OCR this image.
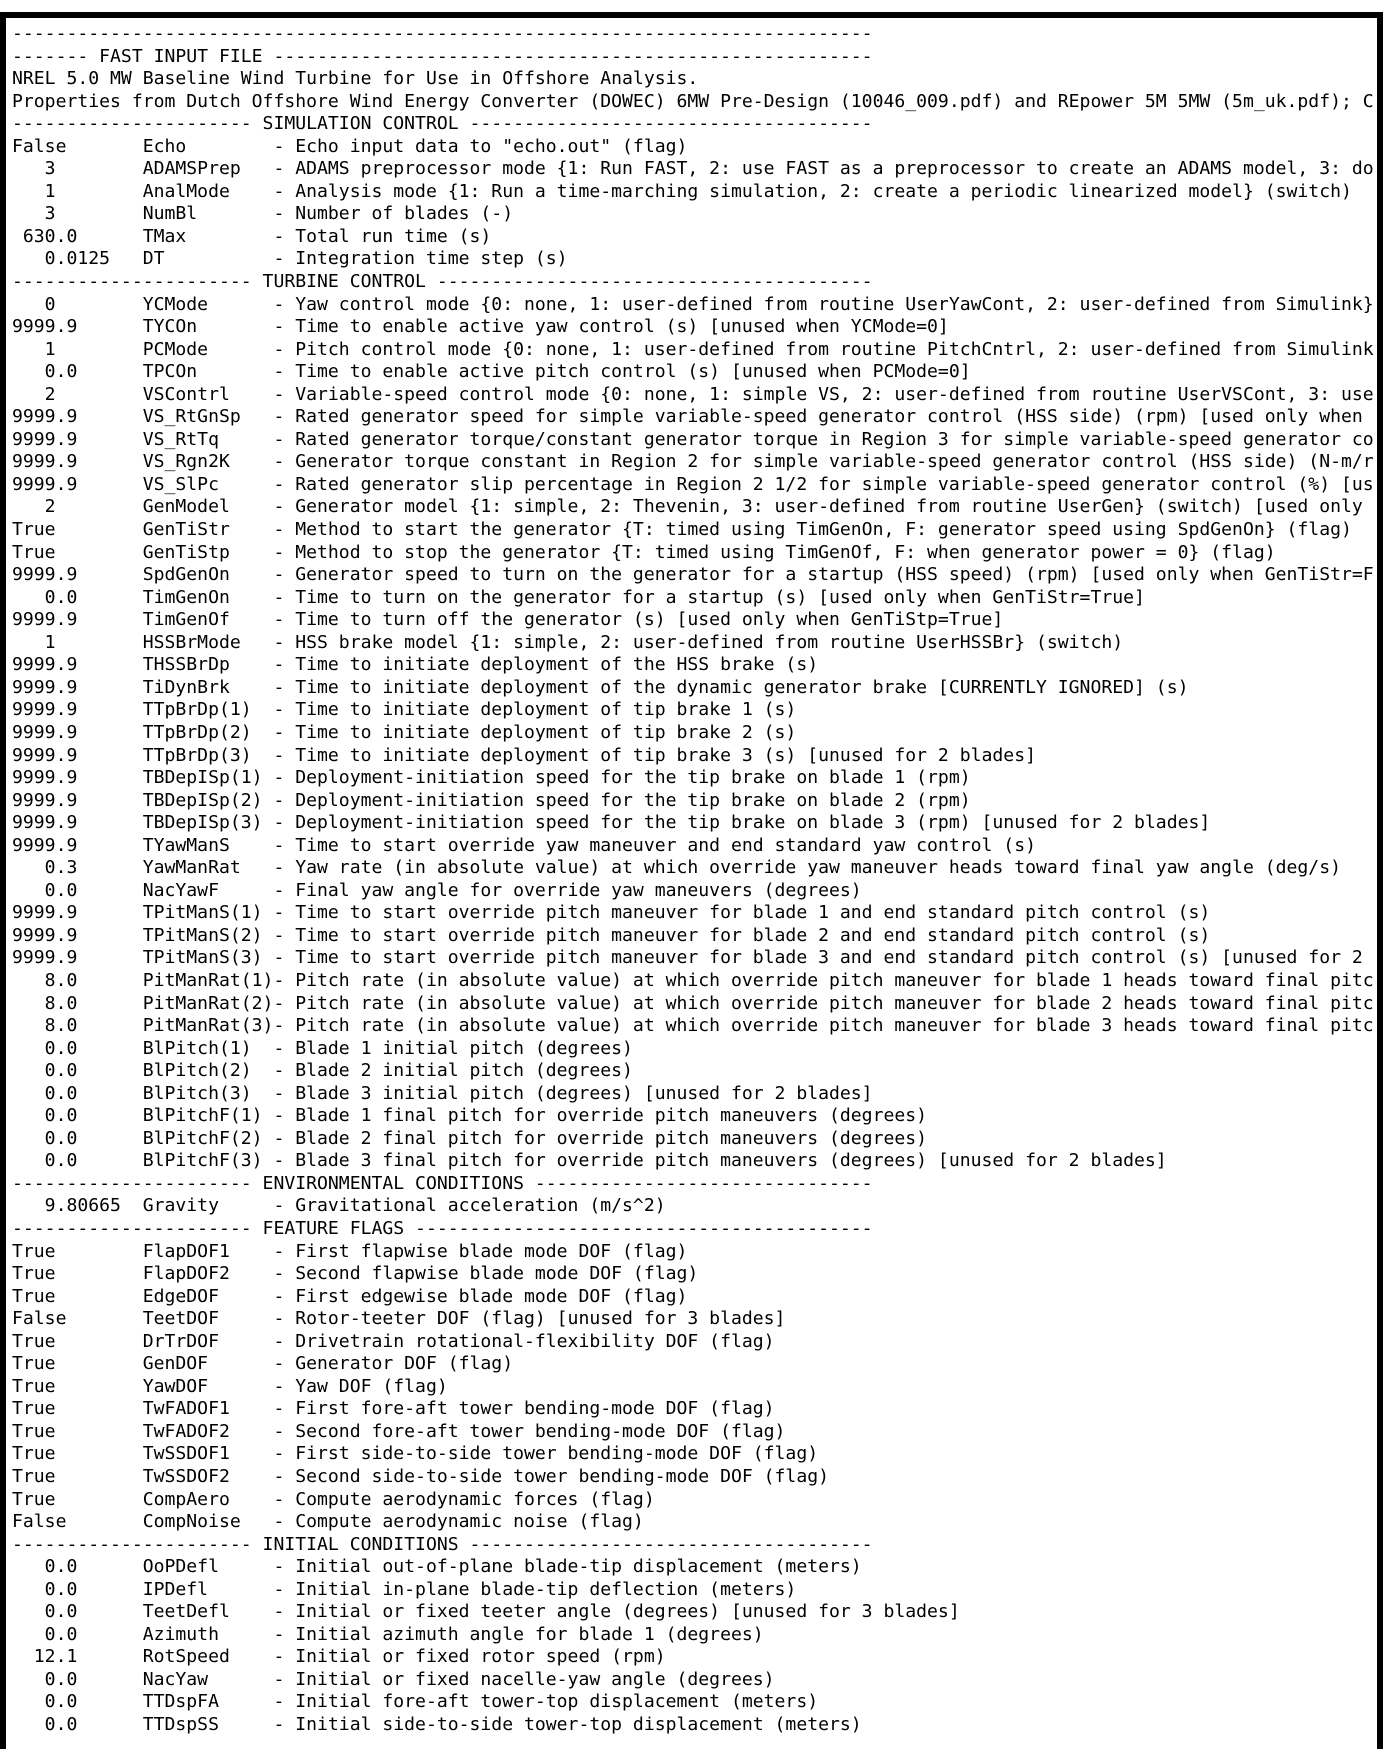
-------------------------------------------------------------------------------
------- FAST INPUT FILE -------------------------------------------------------
NREL 5.0 MW Baseline Wind Turbine for Use in Offshore Analysis.
Properties from Dutch Offshore Wind Energy Converter (DOWEC) 6MW Pre-Design (10046_009.pdf) and REpower 5M 5MW (5m_uk.pdf); C
---------------------- SIMULATION CONTROL -------------------------------------
False       Echo        - Echo input data to "echo.out" (flag)
3        ADAMSPrep   - ADAMS preprocessor mode {1: Run FAST, 2: use FAST as a preprocessor to create an ADAMS model, 3: do
1        AnalMode    - Analysis mode {1: Run a time-marching simulation, 2: create a periodic linearized model} (switch)
3        NumBl       - Number of blades (-)
630.0      TMax        - Total run time (s)
0.0125   DT          - Integration time step (s)
---------------------- TURBINE CONTROL ----------------------------------------
0        YCMode      - Yaw control mode {0: none, 1: user-defined from routine UserYawCont, 2: user-defined from Simulink}
9999.9      TYCOn       - Time to enable active yaw control (s) [unused when YCMode=0]
1        PCMode      - Pitch control mode {0: none, 1: user-defined from routine PitchCntrl, 2: user-defined from Simulink
0.0      TPCOn       - Time to enable active pitch control (s) [unused when PCMode=0]
2        VSContrl    - Variable-speed control mode {0: none, 1: simple VS, 2: user-defined from routine UserVSCont, 3: use
9999.9      VS_RtGnSp   - Rated generator speed for simple variable-speed generator control (HSS side) (rpm) [used only when
9999.9      VS_RtTq     - Rated generator torque/constant generator torque in Region 3 for simple variable-speed generator co
9999.9      VS_Rgn2K    - Generator torque constant in Region 2 for simple variable-speed generator control (HSS side) (N-m/r
9999.9      VS_SlPc     - Rated generator slip percentage in Region 2 1/2 for simple variable-speed generator control (%) [us
2        GenModel    - Generator model {1: simple, 2: Thevenin, 3: user-defined from routine UserGen} (switch) [used only
True        GenTiStr    - Method to start the generator {T: timed using TimGenOn, F: generator speed using SpdGenOn} (flag)
True        GenTiStp    - Method to stop the generator {T: timed using TimGenOf, F: when generator power = 0} (flag)
9999.9      SpdGenOn    - Generator speed to turn on the generator for a startup (HSS speed) (rpm) [used only when GenTiStr=F
0.0      TimGenOn    - Time to turn on the generator for a startup (s) [used only when GenTiStr=True]
9999.9      TimGenOf    - Time to turn off the generator (s) [used only when GenTiStp=True]
1        HSSBrMode   - HSS brake model {1: simple, 2: user-defined from routine UserHSSBr} (switch)
9999.9      THSSBrDp    - Time to initiate deployment of the HSS brake (s)
9999.9      TiDynBrk    - Time to initiate deployment of the dynamic generator brake [CURRENTLY IGNORED] (s)
9999.9      TTpBrDp(1)  - Time to initiate deployment of tip brake 1 (s)
9999.9      TTpBrDp(2)  - Time to initiate deployment of tip brake 2 (s)
9999.9      TTpBrDp(3)  - Time to initiate deployment of tip brake 3 (s) [unused for 2 blades]
9999.9      TBDepISp(1) - Deployment-initiation speed for the tip brake on blade 1 (rpm)
9999.9      TBDepISp(2) - Deployment-initiation speed for the tip brake on blade 2 (rpm)
9999.9      TBDepISp(3) - Deployment-initiation speed for the tip brake on blade 3 (rpm) [unused for 2 blades]
9999.9      TYawManS    - Time to start override yaw maneuver and end standard yaw control (s)
0.3      YawManRat   - Yaw rate (in absolute value) at which override yaw maneuver heads toward final yaw angle (deg/s)
0.0      NacYawF     - Final yaw angle for override yaw maneuvers (degrees)
9999.9      TPitManS(1) - Time to start override pitch maneuver for blade 1 and end standard pitch control (s)
9999.9      TPitManS(2) - Time to start override pitch maneuver for blade 2 and end standard pitch control (s)
9999.9      TPitManS(3) - Time to start override pitch maneuver for blade 3 and end standard pitch control (s) [unused for 2
8.0      PitManRat(1)- Pitch rate (in absolute value) at which override pitch maneuver for blade 1 heads toward final pitc
8.0      PitManRat(2)- Pitch rate (in absolute value) at which override pitch maneuver for blade 2 heads toward final pitc
8.0      PitManRat(3)- Pitch rate (in absolute value) at which override pitch maneuver for blade 3 heads toward final pitc
0.0      BlPitch(1)  - Blade 1 initial pitch (degrees)
0.0      BlPitch(2)  - Blade 2 initial pitch (degrees)
0.0      BlPitch(3)  - Blade 3 initial pitch (degrees) [unused for 2 blades]
0.0      BlPitchF(1) - Blade 1 final pitch for override pitch maneuvers (degrees)
0.0      BlPitchF(2) - Blade 2 final pitch for override pitch maneuvers (degrees)
0.0      BlPitchF(3) - Blade 3 final pitch for override pitch maneuvers (degrees) [unused for 2 blades]
---------------------- ENVIRONMENTAL CONDITIONS -------------------------------
9.80665  Gravity     - Gravitational acceleration (m/s^2)
---------------------- FEATURE FLAGS ------------------------------------------
True        FlapDOF1    - First flapwise blade mode DOF (flag)
True        FlapDOF2    - Second flapwise blade mode DOF (flag)
True        EdgeDOF     - First edgewise blade mode DOF (flag)
False       TeetDOF     - Rotor-teeter DOF (flag) [unused for 3 blades]
True        DrTrDOF     - Drivetrain rotational-flexibility DOF (flag)
True        GenDOF      - Generator DOF (flag)
True        YawDOF      - Yaw DOF (flag)
True        TwFADOF1    - First fore-aft tower bending-mode DOF (flag)
True        TwFADOF2    - Second fore-aft tower bending-mode DOF (flag)
True        TwSSDOF1    - First side-to-side tower bending-mode DOF (flag)
True        TwSSDOF2    - Second side-to-side tower bending-mode DOF (flag)
True        CompAero    - Compute aerodynamic forces (flag)
False       CompNoise   - Compute aerodynamic noise (flag)
---------------------- INITIAL CONDITIONS -------------------------------------
0.0      OoPDefl     - Initial out-of-plane blade-tip displacement (meters)
0.0      IPDefl      - Initial in-plane blade-tip deflection (meters)
0.0      TeetDefl    - Initial or fixed teeter angle (degrees) [unused for 3 blades]
0.0      Azimuth     - Initial azimuth angle for blade 1 (degrees)
12.1      RotSpeed    - Initial or fixed rotor speed (rpm)
0.0      NacYaw      - Initial or fixed nacelle-yaw angle (degrees)
0.0      TTDspFA     - Initial fore-aft tower-top displacement (meters)
0.0      TTDspSS     - Initial side-to-side tower-top displacement (meters)
